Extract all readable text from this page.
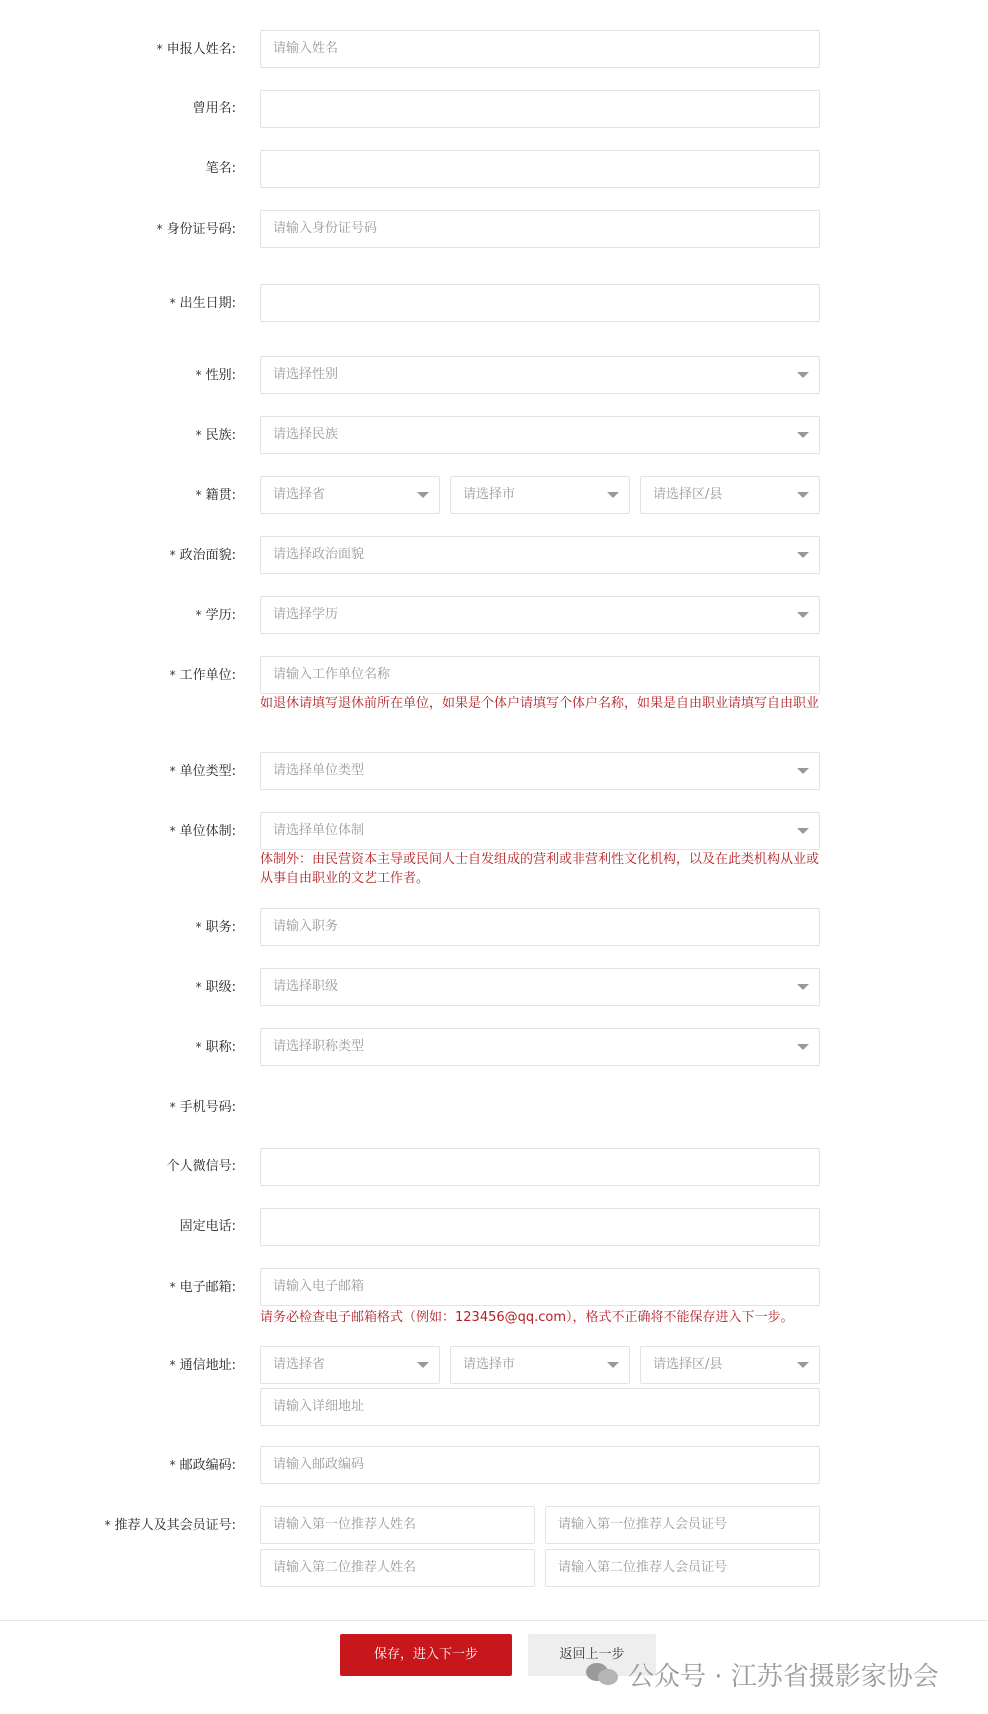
* 申报人姓名:	请输入姓名
曾用名:
笔名:
* 身份证号码:	请输入身份证号码
* 出生日期:
* 性别:	请选择性别
* 民族:	请选择民族
* 籍贯:	请选择省	请选择市	请选择区/县
* 政治面貌:	请选择政治面貌
* 学历:	请选择学历
* 工作单位:	请输入工作单位名称
如退休请填写退休前所在单位，如果是个体户请填写个体户名称，如果是自由职业请填写自由职业
* 单位类型:	请选择单位类型
* 单位体制:	请选择单位体制
体制外：由民营资本主导或民间人士自发组成的营利或非营利性文化机构，以及在此类机构从业或从事自由职业的文艺工作者。
* 职务:	请输入职务
* 职级:	请选择职级
* 职称:	请选择职称类型
* 手机号码:
个人微信号:
固定电话:
* 电子邮箱:	请输入电子邮箱
请务必检查电子邮箱格式（例如：123456@qq.com），格式不正确将不能保存进入下一步。
* 通信地址:	请选择省	请选择市	请选择区/县
请输入详细地址
* 邮政编码:	请输入邮政编码
* 推荐人及其会员证号:	请输入第一位推荐人姓名	请输入第一位推荐人会员证号
请输入第二位推荐人姓名	请输入第二位推荐人会员证号
保存，进入下一步	返回上一步
公众号 · 江苏省摄影家协会
